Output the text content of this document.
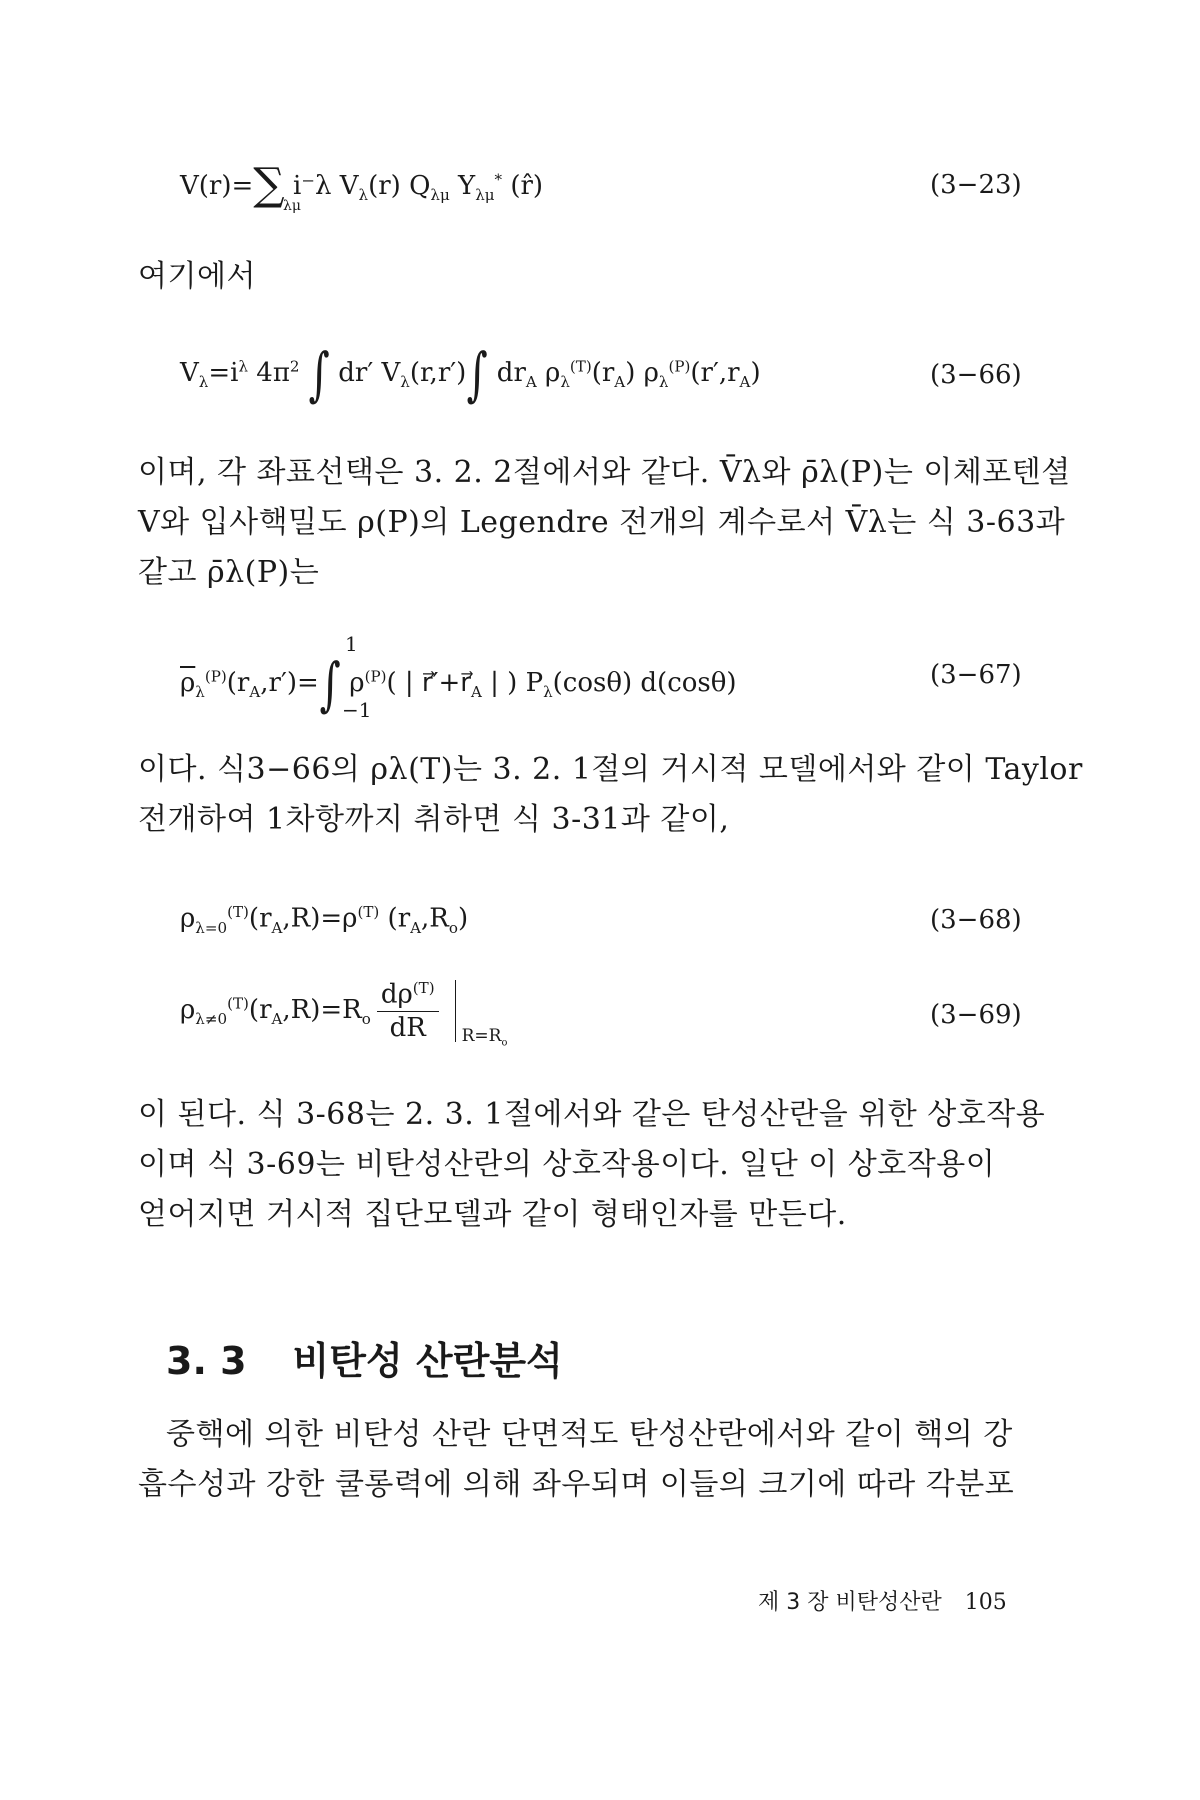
V(r)=∑ i⁻λ $V_\lambda(r)$ $Q_{\lambda\mu}$ $Y_{\lambda\mu}^*$ (r̂)
λμ
(3−23)
여기에서
$V_\lambda=i^\lambda$ $4\pi^2$ ∫ dr′ $V_\lambda(r,r')\int$ $dr_A$ $\rho_\lambda^{(T)}(r_A)$ $\rho_\lambda^{(P)}(r',r_A)$	(3−66)
이며, 각 좌표선택은 3. 2. 2절에서와 같다. V̄λ와 ρ̄λ(P)는 이체포텐셜
V와 입사핵밀도 ρ(P)의 Legendre 전개의 계수로서 V̄λ는 식 3-63과
같고 ρ̄λ(P)는
$\overline{\rho}_\lambda^{(P)}(r_A,r')=\int$ $\rho^{(P)}$( | $r⃗'+r⃗_A$ | ) $P_\lambda(\cos\theta)$ d(cosθ)
1
−1
(3−67)
이다. 식3−66의 ρλ(T)는 3. 2. 1절의 거시적 모델에서와 같이 Taylor
전개하여 1차항까지 취하면 식 3-31과 같이,
$\rho_{\lambda=0}^{(T)}(r_A,R)=\rho^{(T)}$ $(r_A,R_o)$	(3−68)
$\rho_{\lambda\ne 0}^{(T)}(r_A,R)=R_o \frac{d\rho^{(T)}}{dR} R=R_o$
(3−69)
이 된다. 식 3-68는 2. 3. 1절에서와 같은 탄성산란을 위한 상호작용
이며 식 3-69는 비탄성산란의 상호작용이다. 일단 이 상호작용이
얻어지면 거시적 집단모델과 같이 형태인자를 만든다.
3. 3 비탄성 산란분석
중핵에 의한 비탄성 산란 단면적도 탄성산란에서와 같이 핵의 강
흡수성과 강한 쿨롱력에 의해 좌우되며 이들의 크기에 따라 각분포
제 3 장 비탄성산란 105
